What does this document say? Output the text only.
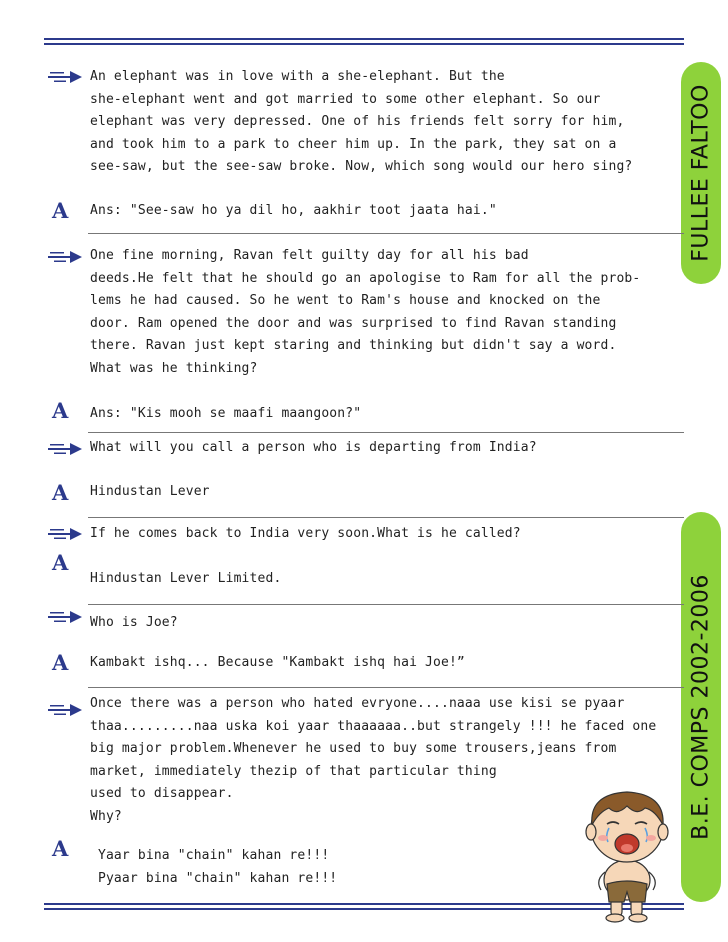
FULLEE FALTOO
B.E. COMPS 2002-2006
An elephant was in love with a she-elephant. But the
she-elephant went and got married to some other elephant. So our
elephant was very depressed. One of his friends felt sorry for him,
and took him to a park to cheer him up. In the park, they sat on a
see-saw, but the see-saw broke. Now, which song would our hero sing?
A Ans: "See-saw ho ya dil ho, aakhir toot jaata hai."
One fine morning, Ravan felt guilty day for all his bad
deeds.He felt that he should go an apologise to Ram for all the prob-
lems he had caused. So he went to Ram's house and knocked on the
door. Ram opened the door and was surprised to find Ravan standing
there. Ravan just kept staring and thinking but didn't say a word.
What was he thinking?
A Ans: "Kis mooh se maafi maangoon?"
What will you call a person who is departing from India?
A Hindustan Lever
If he comes back to India very soon.What is he called?
A
Hindustan Lever Limited.
Who is Joe?
A Kambakt ishq... Because "Kambakt ishq hai Joe!”
Once there was a person who hated evryone....naaa use kisi se pyaar
thaa.........naa uska koi yaar thaaaaaa..but strangely !!! he faced one
big major problem.Whenever he used to buy some trousers,jeans from
market, immediately thezip of that particular thing
used to disappear.
Why?
A	Yaar bina "chain" kahan re!!!
Pyaar bina "chain" kahan re!!!
